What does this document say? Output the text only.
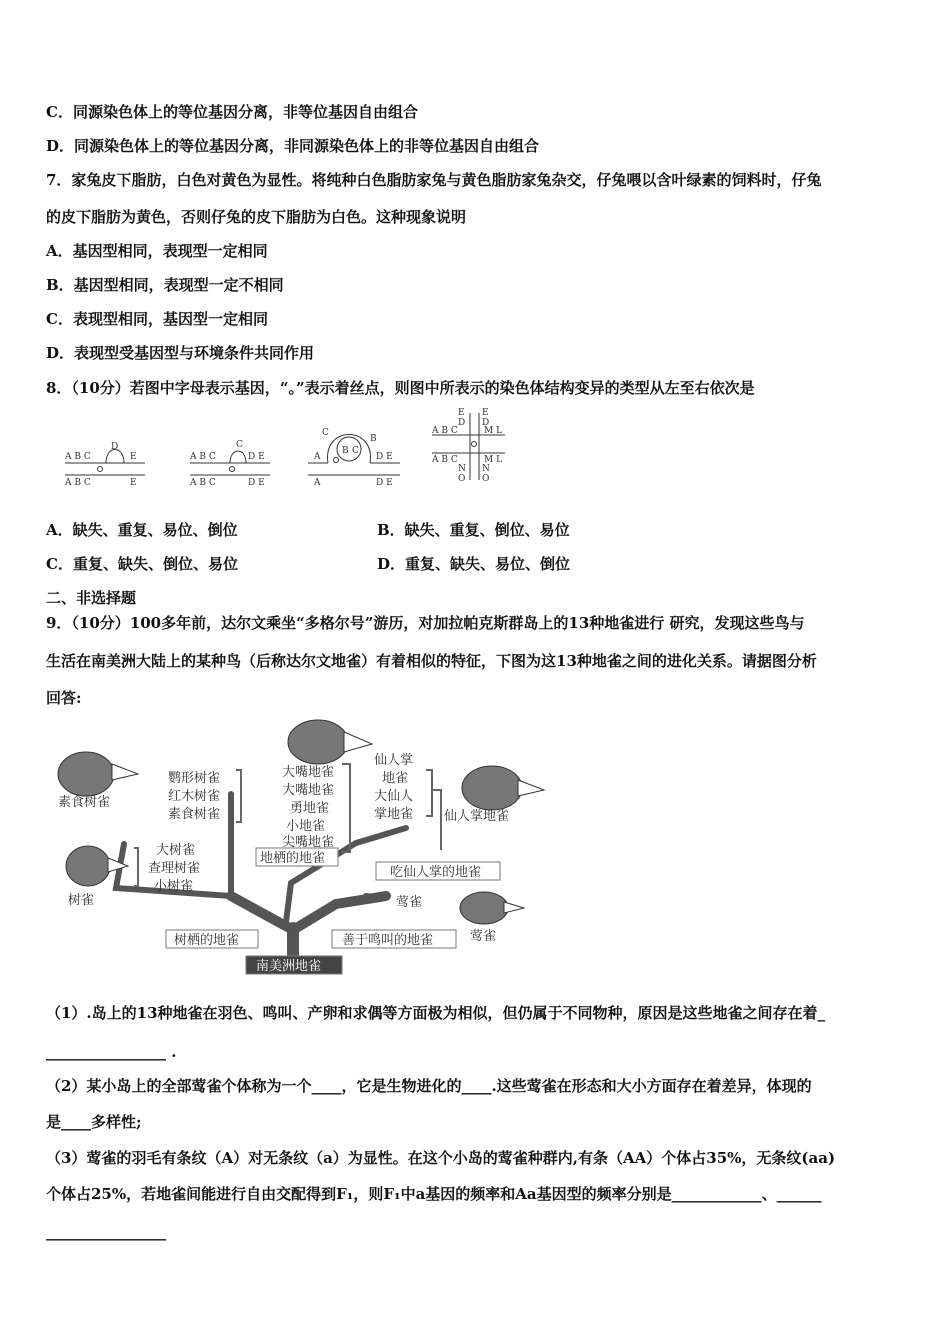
C．同源染色体上的等位基因分离，非等位基因自由组合
D．同源染色体上的等位基因分离，非同源染色体上的非等位基因自由组合
7．家兔皮下脂肪，白色对黄色为显性。将纯种白色脂肪家兔与黄色脂肪家兔杂交，仔兔喂以含叶绿素的饲料时，仔兔
的皮下脂肪为黄色，否则仔兔的皮下脂肪为白色。这种现象说明
A．基因型相同，表现型一定相同
B．基因型相同，表现型一定不相同
C．表现型相同，基因型一定相同
D．表现型受基因型与环境条件共同作用
8．（10分）若图中字母表示基因，“。”表示着丝点，则图中所表示的染色体结构变异的类型从左至右依次是
A B C	E
D
A B C	E
A B C	D E
C
A B C	D E
A
B C
C
B
D E
A	D E
E
D
A B C
E
D
M L
A B C	M L
N
O
N
O
A．缺失、重复、易位、倒位	B．缺失、重复、倒位、易位
C．重复、缺失、倒位、易位	D．重复、缺失、易位、倒位
二、非选择题
9．（10分）100多年前，达尔文乘坐“多格尔号”游历，对加拉帕克斯群岛上的13种地雀进行 研究，发现这些鸟与
生活在南美洲大陆上的某种鸟（后称达尔文地雀）有着相似的特征，下图为这13种地雀之间的进化关系。请据图分析
回答:
鹦形树雀
红木树雀
素食树雀
素食树雀
大树雀
查理树雀
小树雀
树雀
大嘴地雀
大嘴地雀
勇地雀
小地雀
尖嘴地雀
仙人掌
地雀
大仙人
掌地雀 仙人掌地雀
莺雀
莺雀
树栖的地雀	善于鸣叫的地雀
地栖的地雀
吃仙人掌的地雀
南美洲地雀
（1）.岛上的13种地雀在羽色、鸣叫、产卵和求偶等方面极为相似，但仍属于不同物种，原因是这些地雀之间存在着_
________________ .
（2）某小岛上的全部莺雀个体称为一个____，它是生物进化的____.这些莺雀在形态和大小方面存在着差异，体现的
是____多样性;
（3）莺雀的羽毛有条纹（A）对无条纹（a）为显性。在这个小岛的莺雀种群内,有条（AA）个体占35%，无条纹(aa)
个体占25%，若地雀间能进行自由交配得到F₁，则F₁中a基因的频率和Aa基因型的频率分别是____________、______
________________
